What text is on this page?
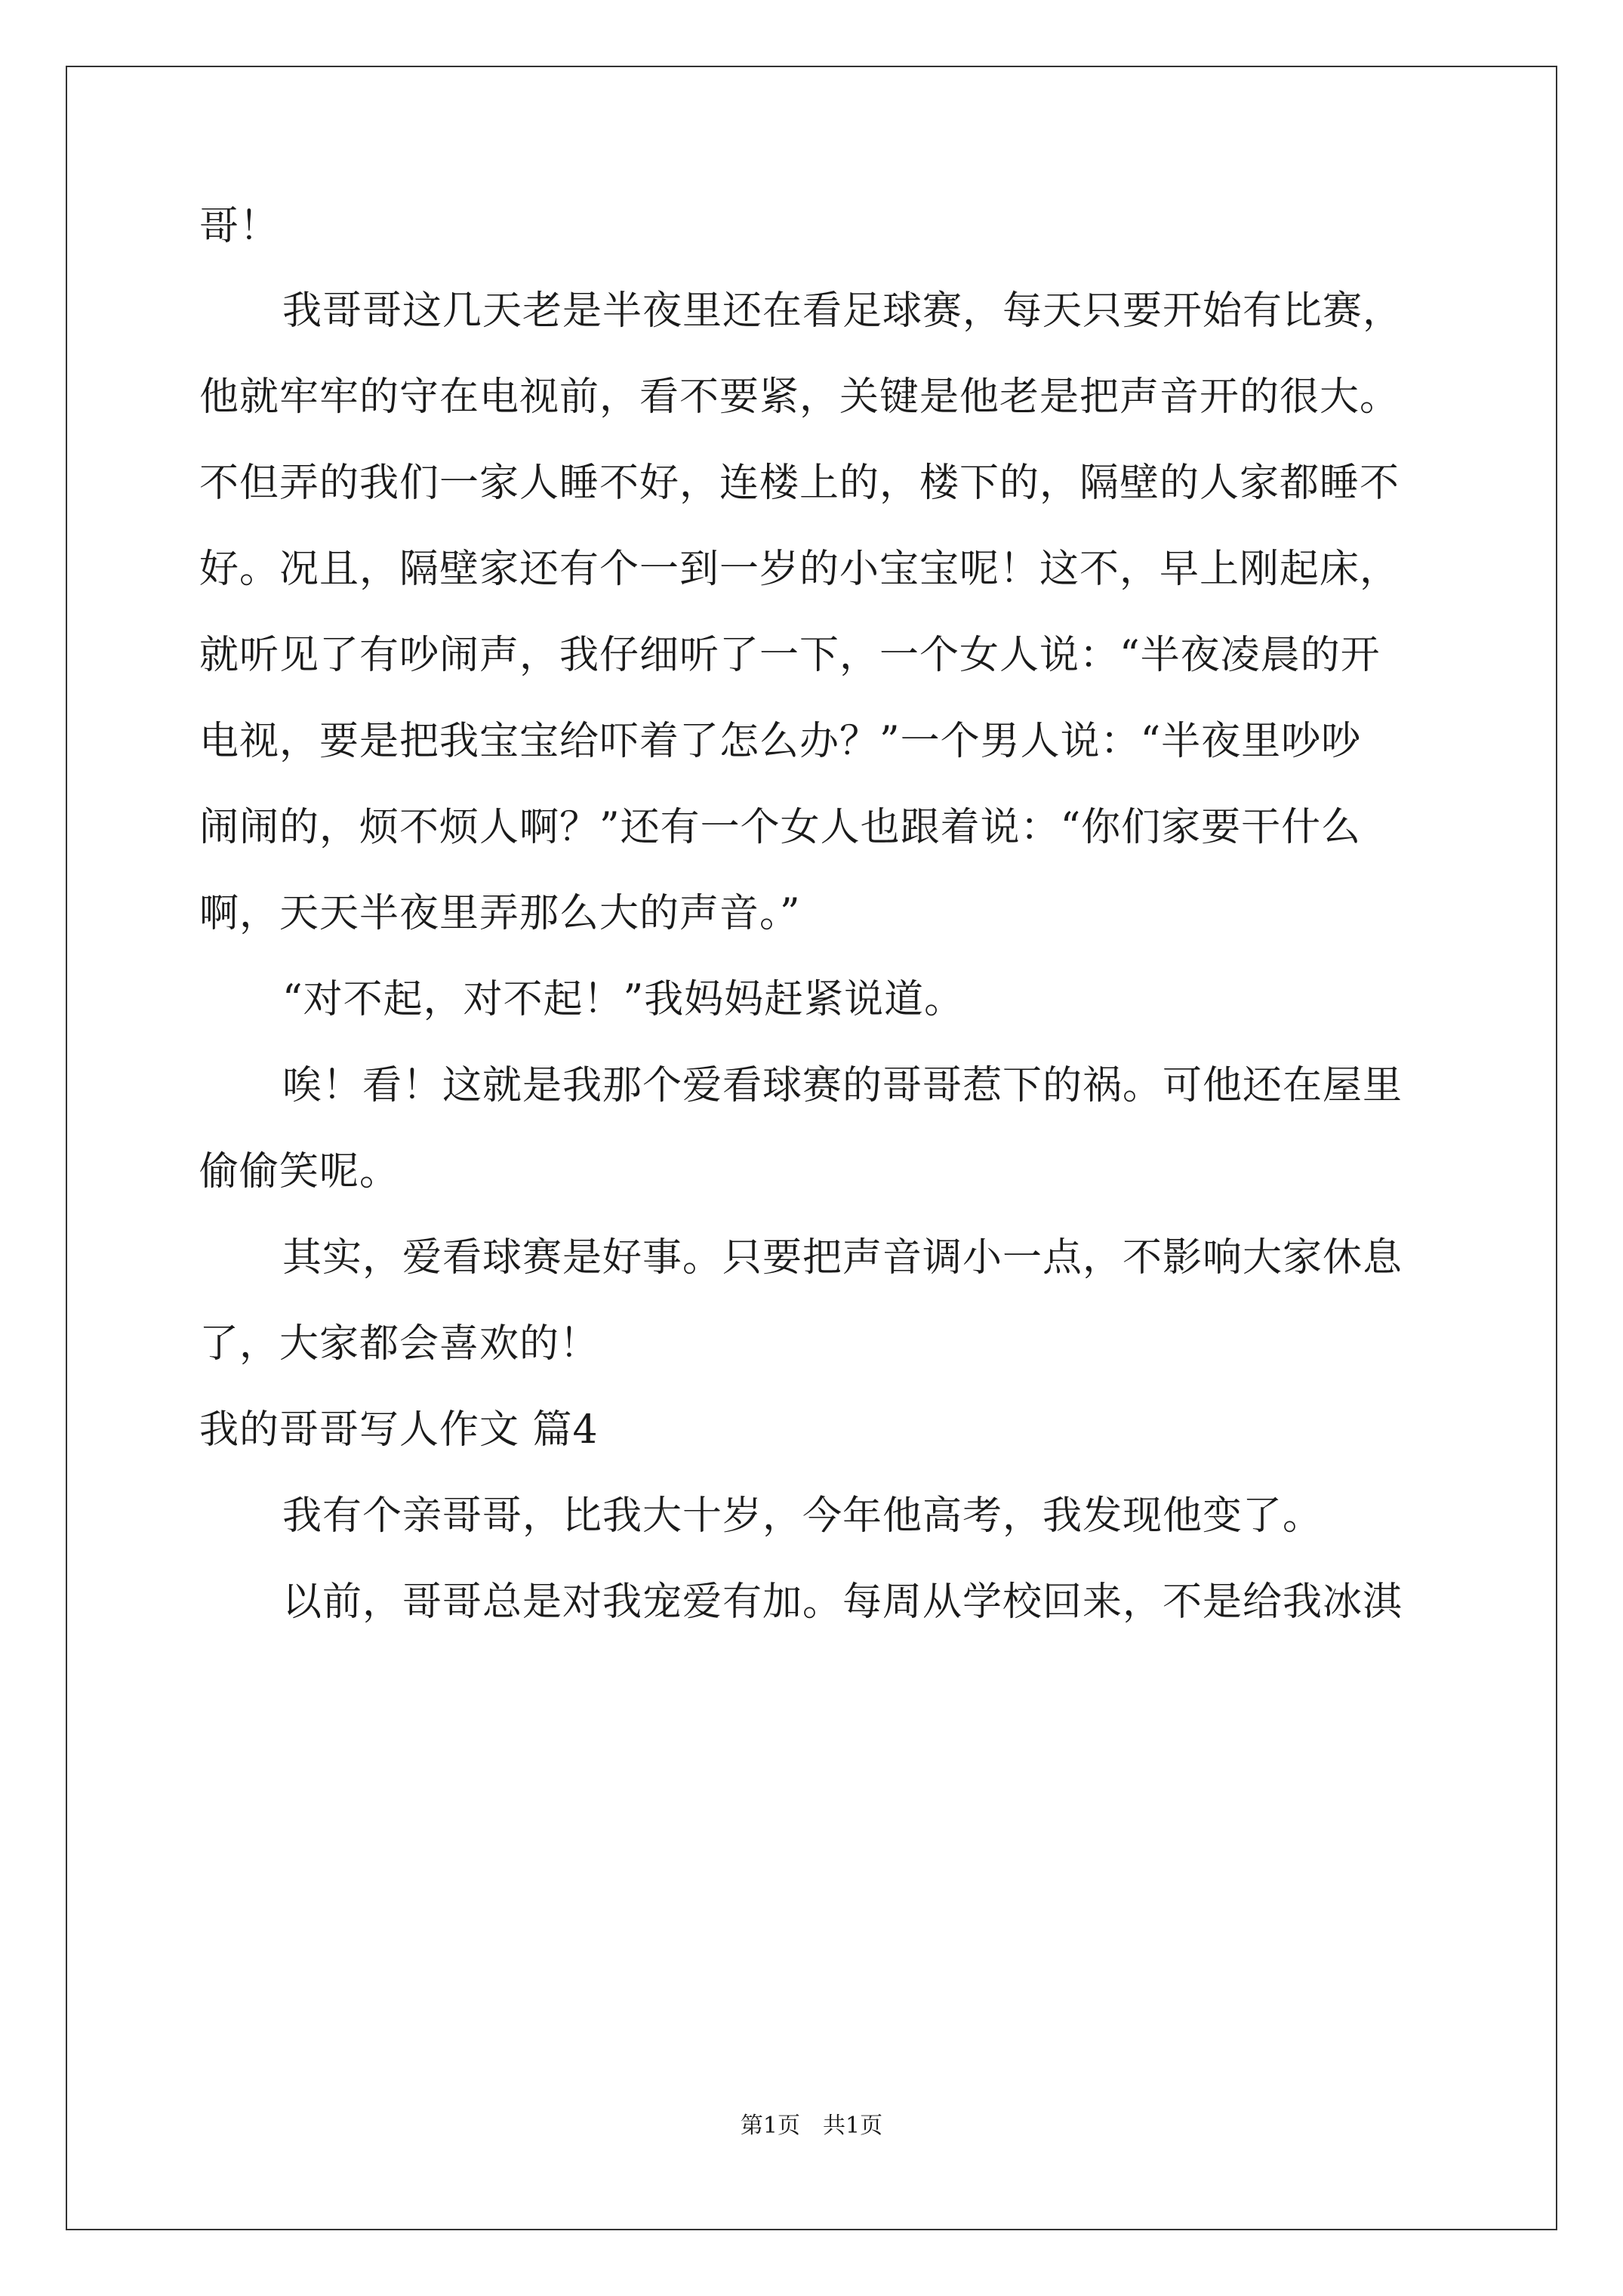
哥！
我哥哥这几天老是半夜里还在看足球赛，每天只要开始有比赛，
他就牢牢的守在电视前，看不要紧，关键是他老是把声音开的很大。
不但弄的我们一家人睡不好，连楼上的，楼下的，隔壁的人家都睡不
好。况且，隔壁家还有个一到一岁的小宝宝呢！这不，早上刚起床，
就听见了有吵闹声，我仔细听了一下，一个女人说：“半夜凌晨的开
电视，要是把我宝宝给吓着了怎么办？”一个男人说：“半夜里吵吵
闹闹的，烦不烦人啊？”还有一个女人也跟着说：“你们家要干什么
啊，天天半夜里弄那么大的声音。”
“对不起，对不起！”我妈妈赶紧说道。
唉！看！这就是我那个爱看球赛的哥哥惹下的祸。可他还在屋里
偷偷笑呢。
其实，爱看球赛是好事。只要把声音调小一点，不影响大家休息
了，大家都会喜欢的！
我的哥哥写人作文 篇4
我有个亲哥哥，比我大十岁，今年他高考，我发现他变了。
以前，哥哥总是对我宠爱有加。每周从学校回来，不是给我冰淇
第1页 共1页
